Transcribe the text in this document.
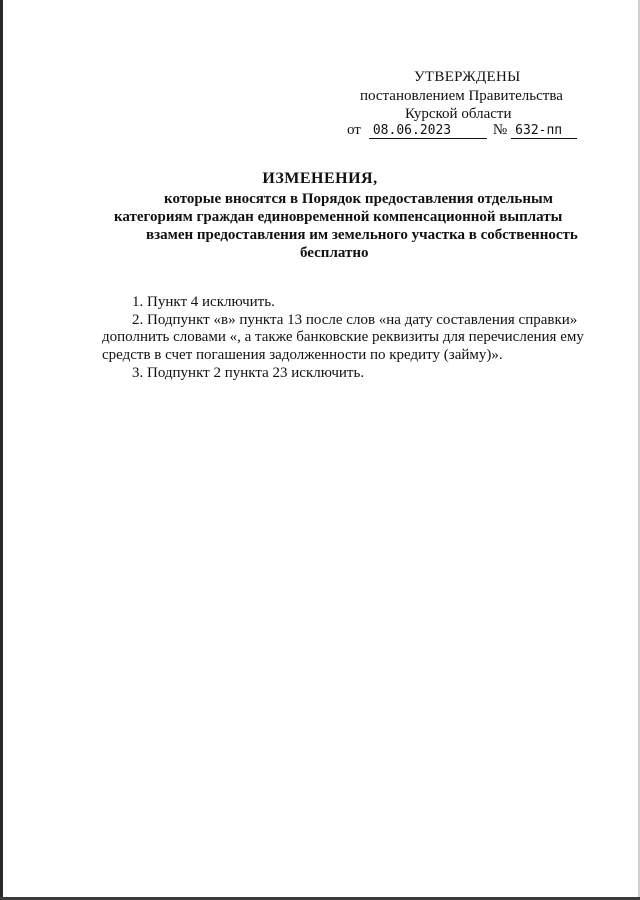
УТВЕРЖДЕНЫ
постановлением Правительства
Курской области
от 08.06.2023	№ 632-пп
ИЗМЕНЕНИЯ,
которые вносятся в Порядок предоставления отдельным
категориям граждан единовременной компенсационной выплаты
взамен предоставления им земельного участка в собственность
бесплатно
1. Пункт 4 исключить.
2. Подпункт «в» пункта 13 после слов «на дату составления справки»
дополнить словами «, а также банковские реквизиты для перечисления ему
средств в счет погашения задолженности по кредиту (займу)».
3. Подпункт 2 пункта 23 исключить.
